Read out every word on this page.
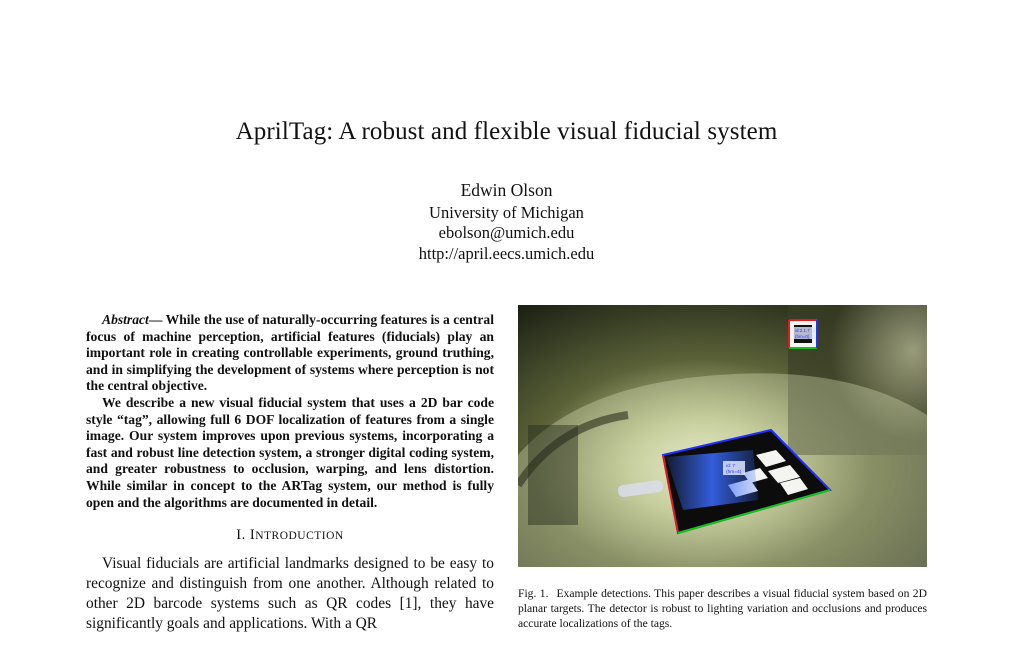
AprilTag: A robust and flexible visual fiducial system
Edwin Olson
University of Michigan
ebolson@umich.edu
http://april.eecs.umich.edu

Abstract— While the use of naturally-occurring features is a central focus of machine perception, artificial features (fiducials) play an important role in creating controllable experiments, ground truthing, and in simplifying the development of systems where perception is not the central objective.

We describe a new visual fiducial system that uses a 2D bar code style “tag”, allowing full 6 DOF localization of features from a single image. Our system improves upon previous systems, incorporating a fast and robust line detection system, a stronger digital coding system, and greater robustness to occlusion, warping, and lens distortion. While similar in concept to the ARTag system, our method is fully open and the algorithms are documented in detail.

I. INTRODUCTION

Visual fiducials are artificial landmarks designed to be easy to recognize and distinguish from one another. Although related to other 2D barcode systems such as QR codes [1], they have significantly goals and applications. With a QR

id:2.1.7
(hm=0)
id: 7
(hm=4)
Fig. 1. Example detections. This paper describes a visual fiducial system based on 2D planar targets. The detector is robust to lighting variation and occlusions and produces accurate localizations of the tags.
